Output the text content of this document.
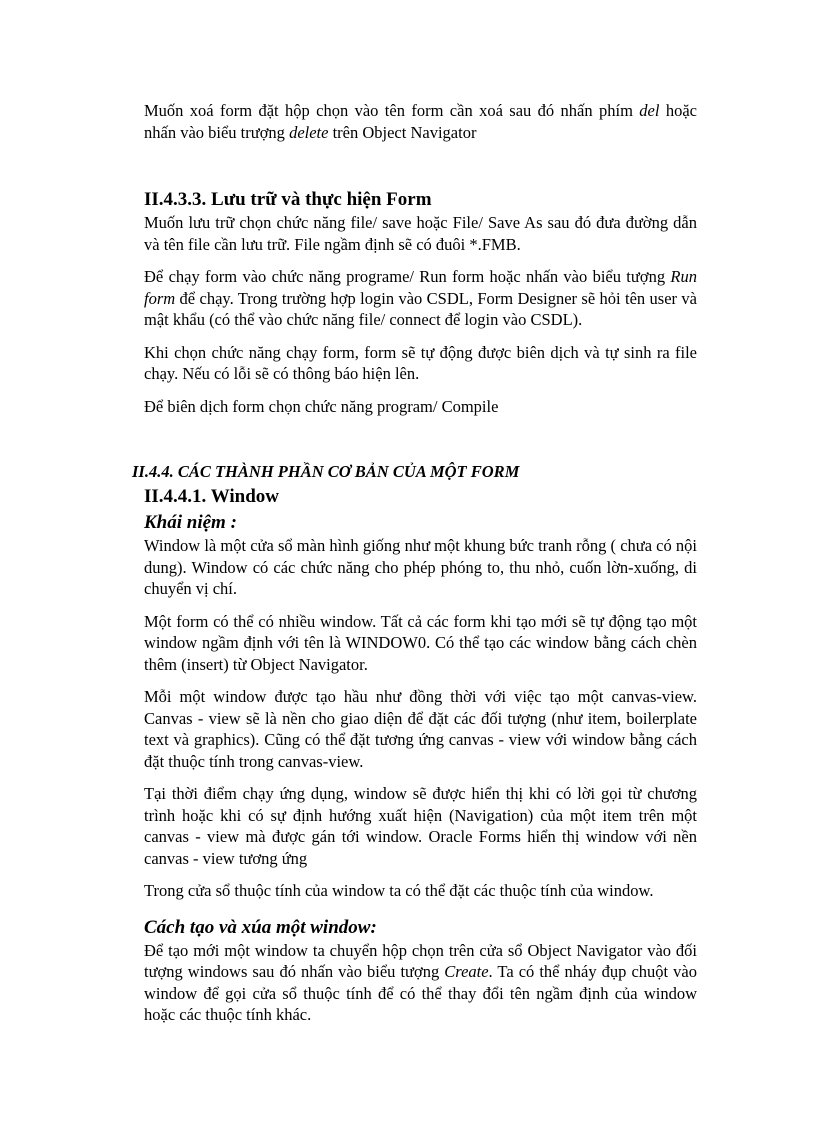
Muốn xoá form đặt hộp chọn vào tên form cần xoá sau đó nhấn phím del hoặc nhấn vào biểu trượng delete trên Object Navigator

II.4.3.3. Lưu trữ và thực hiện Form

Muốn lưu trữ chọn chức năng file/ save hoặc File/ Save As sau đó đưa đường dẫn và tên file cần lưu trữ. File ngầm định sẽ có đuôi *.FMB.

Để chạy form vào chức năng programe/ Run form hoặc nhấn vào biểu tượng Run form để chạy. Trong trường hợp login vào CSDL, Form Designer sẽ hỏi tên user và mật khẩu (có thể vào chức năng file/ connect để login vào CSDL).

Khi chọn chức năng chạy form, form sẽ tự động được biên dịch và tự sinh ra file chạy. Nếu có lỗi sẽ có thông báo hiện lên.

Để biên dịch form chọn chức năng program/ Compile

II.4.4. CÁC THÀNH PHẦN CƠ BẢN CỦA MỘT FORM
II.4.4.1. Window
Khái niệm :

Window là một cửa sổ màn hình giống như một khung bức tranh rỗng ( chưa có nội dung). Window có các chức năng cho phép phóng to, thu nhỏ, cuốn lờn-xuống, di chuyển vị chí.

Một form có thể có nhiều window. Tất cả các form khi tạo mới sẽ tự động tạo một window ngầm định với tên là WINDOW0. Có thể tạo các window bằng cách chèn thêm (insert) từ Object Navigator.

Mỗi một window được tạo hầu như đồng thời với việc tạo một canvas-view. Canvas - view sẽ là nền cho giao diện để đặt các đối tượng (như item, boilerplate text và graphics). Cũng có thể đặt tương ứng canvas - view với window bằng cách đặt thuộc tính trong canvas-view.

Tại thời điểm chạy ứng dụng, window sẽ được hiển thị khi có lời gọi từ chương trình hoặc khi có sự định hướng xuất hiện (Navigation) của một item trên một canvas - view mà được gán tới window. Oracle Forms hiển thị window với nền canvas - view tương ứng

Trong cửa sổ thuộc tính của window ta có thể đặt các thuộc tính của window.

Cách tạo và xúa một window:

Để tạo mới một window ta chuyển hộp chọn trên cửa sổ Object Navigator vào đối tượng windows sau đó nhấn vào biểu tượng Create. Ta có thể nháy đụp chuột vào window để gọi cửa sổ thuộc tính để có thể thay đổi tên ngầm định của window hoặc các thuộc tính khác.
